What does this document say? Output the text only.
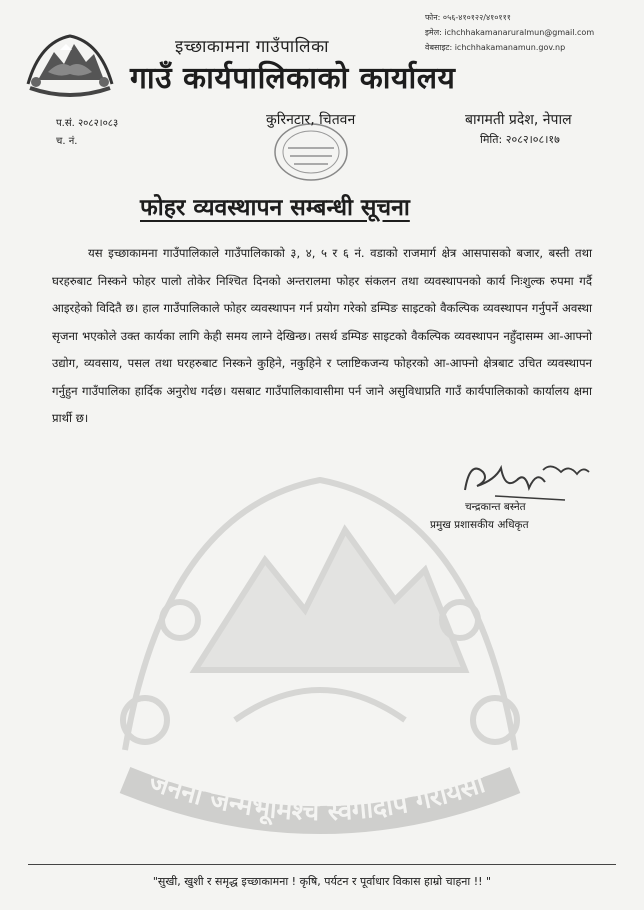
फोन: ०५६-४१०१२२/४१०१११
इमेल: ichchhakamanaruralmun@gmail.com
वेबसाइट: ichchhakamanamun.gov.np
इच्छाकामना गाउँपालिका
गाउँ कार्यपालिकाको कार्यालय
प.सं. २०८२।०८३
च. नं.
कुरिनटार, चितवन	बागमती प्रदेश, नेपाल
मिति: २०८२।०८।१७
जननी जन्मभूमिश्च स्वर्गादपि गरीयसी
फोहर व्यवस्थापन सम्बन्धी सूचना
यस इच्छाकामना गाउँपालिकाले गाउँपालिकाको ३, ४, ५ र ६ नं. वडाको राजमार्ग क्षेत्र आसपासको बजार, बस्ती तथा घरहरुबाट निस्कने फोहर पालो तोकेर निश्चित दिनको अन्तरालमा फोहर संकलन तथा व्यवस्थापनको कार्य निःशुल्क रुपमा गर्दै आइरहेको विदितै छ। हाल गाउँपालिकाले फोहर व्यवस्थापन गर्न प्रयोग गरेको डम्पिङ साइटको वैकल्पिक व्यवस्थापन गर्नुपर्ने अवस्था सृजना भएकोले उक्त कार्यका लागि केही समय लाग्ने देखिन्छ। तसर्थ डम्पिङ साइटको वैकल्पिक व्यवस्थापन नहुँदासम्म आ-आफ्नो उद्योग, व्यवसाय, पसल तथा घरहरुबाट निस्कने कुहिने, नकुहिने र प्लाष्टिकजन्य फोहरको आ-आफ्नो क्षेत्रबाट उचित व्यवस्थापन गर्नुहुन गाउँपालिका हार्दिक अनुरोध गर्दछ। यसबाट गाउँपालिकावासीमा पर्न जाने असुविधाप्रति गाउँ कार्यपालिकाको कार्यालय क्षमा प्रार्थी छ।
चन्द्रकान्त बस्नेत
प्रमुख प्रशासकीय अधिकृत
"सुखी, खुशी र समृद्ध इच्छाकामना ! कृषि, पर्यटन र पूर्वाधार विकास हाम्रो चाहना !! "
